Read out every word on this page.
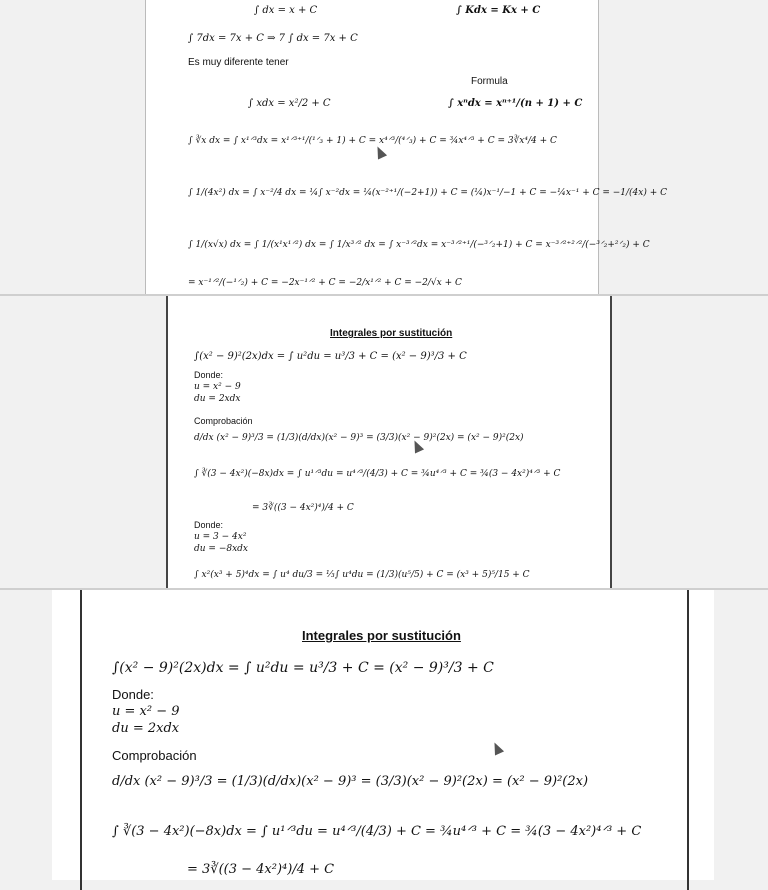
∫ dx = x + C	∫ Kdx = Kx + C
∫ 7dx = 7x + C ⇒ 7 ∫ dx = 7x + C
Es muy diferente tener
Formula
∫ xdx = x²/2 + C	∫ xⁿdx = xⁿ⁺¹/(n + 1) + C
∫ ∛x dx = ∫ x¹ᐟ³dx = x¹ᐟ³⁺¹/(¹ᐟ₃ + 1) + C = x⁴ᐟ³/(⁴ᐟ₃) + C = ¾x⁴ᐟ³ + C = 3∛x⁴/4 + C
∫ 1/(4x²) dx = ∫ x⁻²/4 dx = ¼∫ x⁻²dx = ¼(x⁻²⁺¹/(−2+1)) + C = (¼)x⁻¹/−1 + C = −¼x⁻¹ + C = −1/(4x) + C
∫ 1/(x√x) dx = ∫ 1/(x¹x¹ᐟ²) dx = ∫ 1/x³ᐟ² dx = ∫ x⁻³ᐟ²dx = x⁻³ᐟ²⁺¹/(−³ᐟ₂+1) + C = x⁻³ᐟ²⁺²ᐟ²/(−³ᐟ₂+²ᐟ₂) + C
= x⁻¹ᐟ²/(−¹ᐟ₂) + C = −2x⁻¹ᐟ² + C = −2/x¹ᐟ² + C = −2/√x + C
Integrales por sustitución
∫(x² − 9)²(2x)dx = ∫ u²du = u³/3 + C = (x² − 9)³/3 + C
Donde:
u = x² − 9
du = 2xdx
Comprobación
d/dx (x² − 9)³/3 = (1/3)(d/dx)(x² − 9)³ = (3/3)(x² − 9)²(2x) = (x² − 9)²(2x)
∫ ∛(3 − 4x²)(−8x)dx = ∫ u¹ᐟ³du = u⁴ᐟ³/(4/3) + C = ¾u⁴ᐟ³ + C = ¾(3 − 4x²)⁴ᐟ³ + C
= 3∛((3 − 4x²)⁴)/4 + C
Donde:
u = 3 − 4x²
du = −8xdx
∫ x²(x³ + 5)⁴dx = ∫ u⁴ du/3 = ⅓∫ u⁴du = (1/3)(u⁵/5) + C = (x³ + 5)⁵/15 + C
Integrales por sustitución
∫(x² − 9)²(2x)dx = ∫ u²du = u³/3 + C = (x² − 9)³/3 + C
Donde:
u = x² − 9
du = 2xdx
Comprobación
d/dx (x² − 9)³/3 = (1/3)(d/dx)(x² − 9)³ = (3/3)(x² − 9)²(2x) = (x² − 9)²(2x)
∫ ∛(3 − 4x²)(−8x)dx = ∫ u¹ᐟ³du = u⁴ᐟ³/(4/3) + C = ¾u⁴ᐟ³ + C = ¾(3 − 4x²)⁴ᐟ³ + C
= 3∛((3 − 4x²)⁴)/4 + C
